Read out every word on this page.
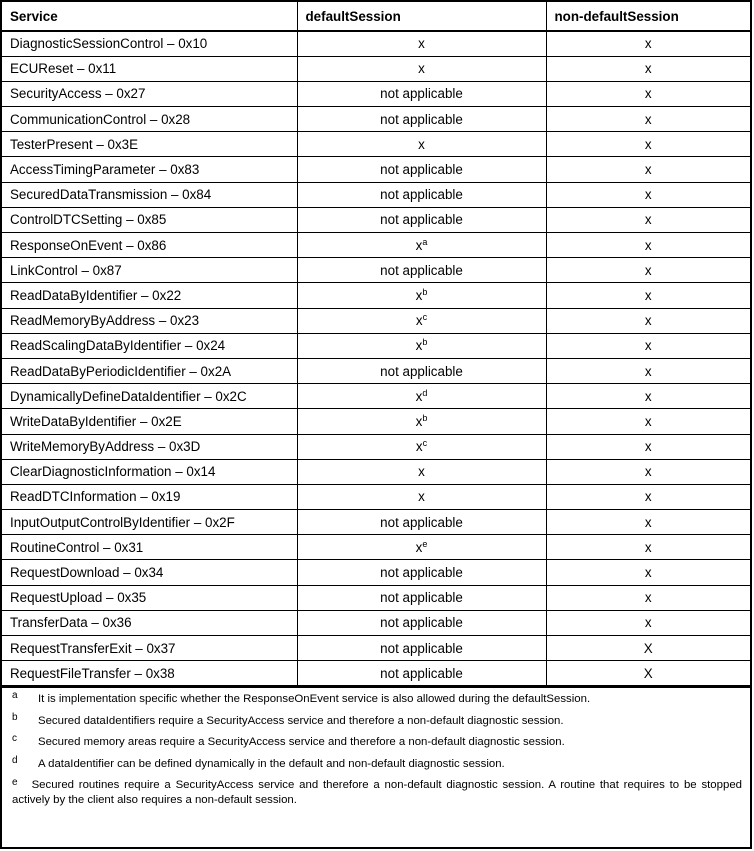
Service	defaultSession	non-defaultSession
DiagnosticSessionControl – 0x10	x	x
ECUReset – 0x11	x	x
SecurityAccess – 0x27	not applicable	x
CommunicationControl – 0x28	not applicable	x
TesterPresent – 0x3E	x	x
AccessTimingParameter – 0x83	not applicable	x
SecuredDataTransmission – 0x84	not applicable	x
ControlDTCSetting – 0x85	not applicable	x
ResponseOnEvent – 0x86	$x^a$	x
LinkControl – 0x87	not applicable	x
ReadDataByIdentifier – 0x22	$x^b$	x
ReadMemoryByAddress – 0x23	$x^c$	x
ReadScalingDataByIdentifier – 0x24	$x^b$	x
ReadDataByPeriodicIdentifier – 0x2A	not applicable	x
DynamicallyDefineDataIdentifier – 0x2C	$x^d$	x
WriteDataByIdentifier – 0x2E	$x^b$	x
WriteMemoryByAddress – 0x3D	$x^c$	x
ClearDiagnosticInformation – 0x14	x	x
ReadDTCInformation – 0x19	x	x
InputOutputControlByIdentifier – 0x2F	not applicable	x
RoutineControl – 0x31	$x^e$	x
RequestDownload – 0x34	not applicable	x
RequestUpload – 0x35	not applicable	x
TransferData – 0x36	not applicable	x
RequestTransferExit – 0x37	not applicable	X
RequestFileTransfer – 0x38	not applicable	X
a	It is implementation specific whether the ResponseOnEvent service is also allowed during the defaultSession.
b	Secured dataIdentifiers require a SecurityAccess service and therefore a non-default diagnostic session.
c	Secured memory areas require a SecurityAccess service and therefore a non-default diagnostic session.
d	A dataIdentifier can be defined dynamically in the default and non-default diagnostic session.
e Secured routines require a SecurityAccess service and therefore a non-default diagnostic session. A routine that requires to be stopped actively by the client also requires a non-default session.
